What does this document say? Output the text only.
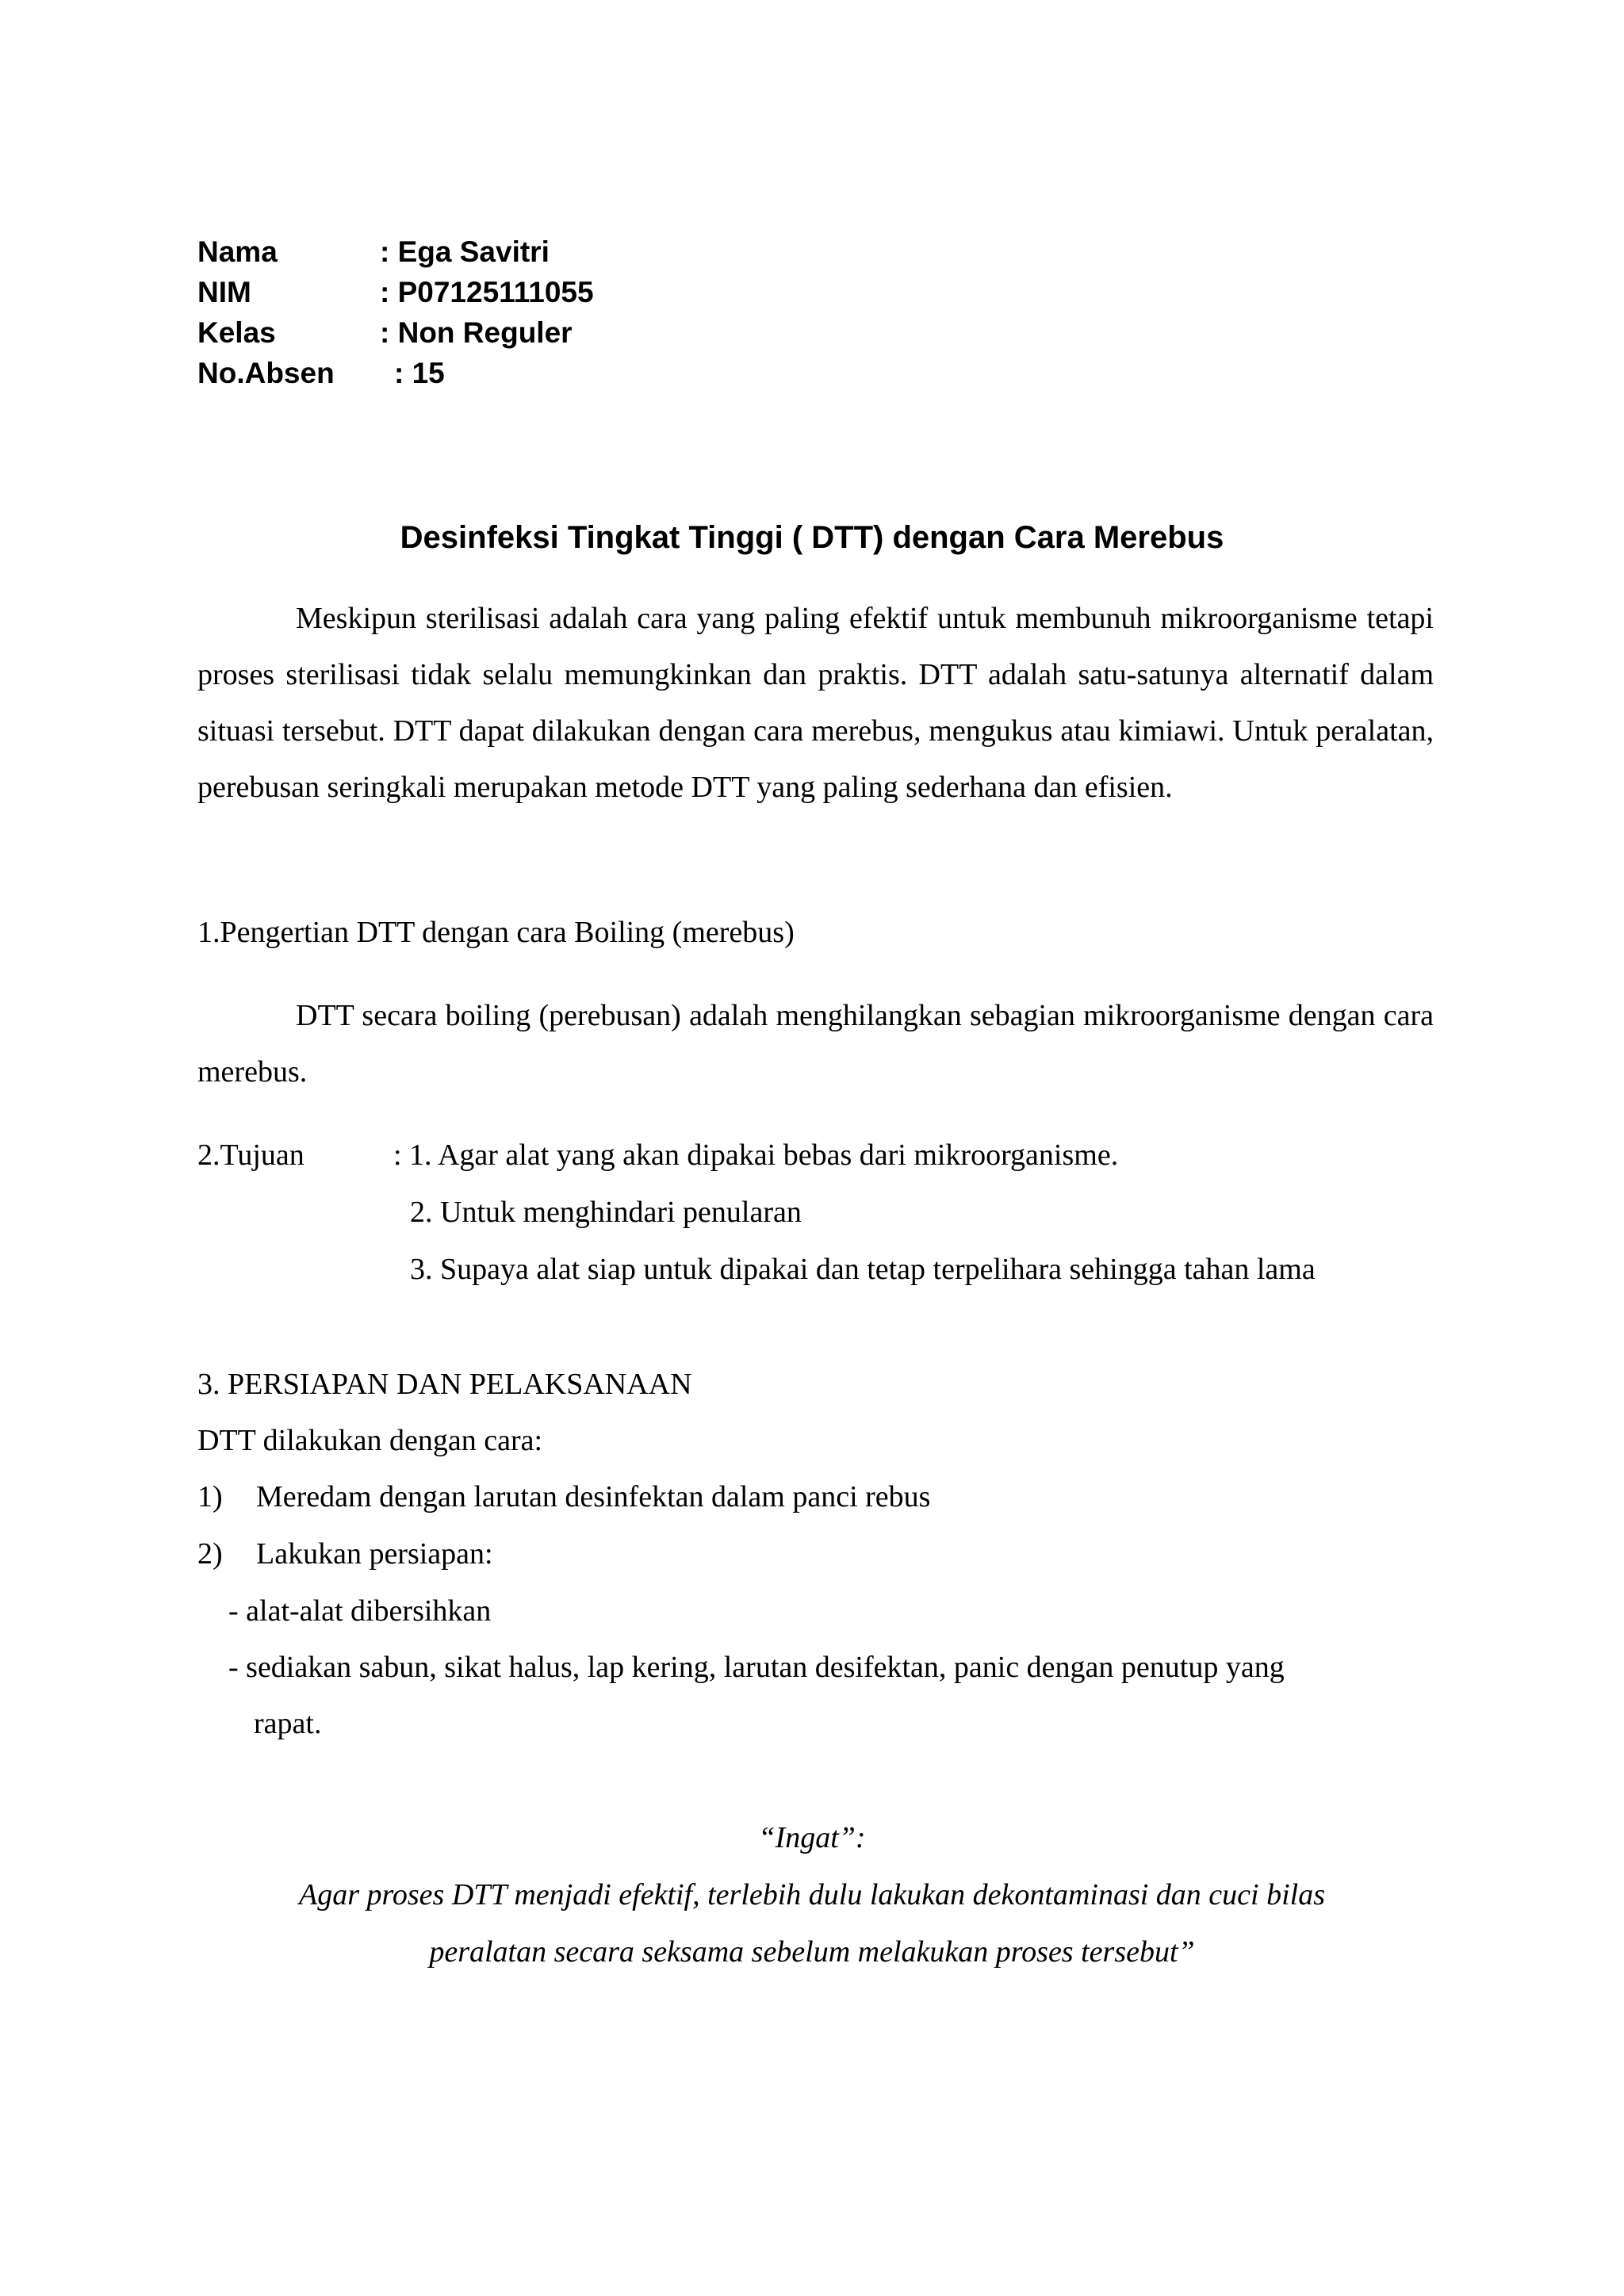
Nama	: Ega Savitri
NIM	: P07125111055
Kelas	: Non Reguler
No.Absen : 15
Desinfeksi Tingkat Tinggi ( DTT) dengan Cara Merebus
Meskipun sterilisasi adalah cara yang paling efektif untuk membunuh mikroorganisme tetapi proses sterilisasi tidak selalu memungkinkan dan praktis. DTT adalah satu-satunya alternatif dalam situasi tersebut. DTT dapat dilakukan dengan cara merebus, mengukus atau kimiawi. Untuk peralatan, perebusan seringkali merupakan metode DTT yang paling sederhana dan efisien.
1.Pengertian DTT dengan cara Boiling (merebus)
DTT secara boiling (perebusan) adalah menghilangkan sebagian mikroorganisme dengan cara merebus.
2.Tujuan	: 1. Agar alat yang akan dipakai bebas dari mikroorganisme.
2. Untuk menghindari penularan
3. Supaya alat siap untuk dipakai dan tetap terpelihara sehingga tahan lama
3. PERSIAPAN DAN PELAKSANAAN
DTT dilakukan dengan cara:
1) Meredam dengan larutan desinfektan dalam panci rebus
2) Lakukan persiapan:
- alat-alat dibersihkan
- sediakan sabun, sikat halus, lap kering, larutan desifektan, panic dengan penutup yang
rapat.
“Ingat”:
Agar proses DTT menjadi efektif, terlebih dulu lakukan dekontaminasi dan cuci bilas
peralatan secara seksama sebelum melakukan proses tersebut”
